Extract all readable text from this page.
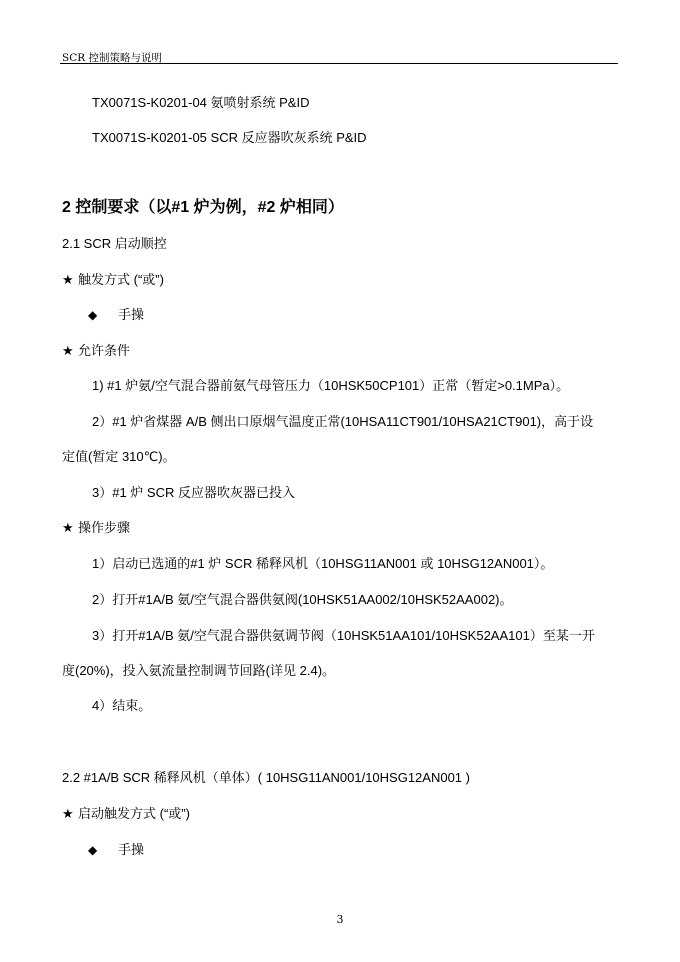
SCR 控制策略与说明
TX0071S-K0201-04 氨喷射系统 P&ID
TX0071S-K0201-05 SCR 反应器吹灰系统 P&ID
2 控制要求（以#1 炉为例，#2 炉相同）
2.1 SCR 启动顺控
★ 触发方式 (“或”)
◆ 手操
★ 允许条件
1) #1 炉氨/空气混合器前氨气母管压力（10HSK50CP101）正常（暂定>0.1MPa）。
2）#1 炉省煤器 A/B 侧出口原烟气温度正常(10HSA11CT901/10HSA21CT901)，高于设
定值(暂定 310℃)。
3）#1 炉 SCR 反应器吹灰器已投入
★ 操作步骤
1）启动已选通的#1 炉 SCR 稀释风机（10HSG11AN001 或 10HSG12AN001）。
2）打开#1A/B 氨/空气混合器供氨阀(10HSK51AA002/10HSK52AA002)。
3）打开#1A/B 氨/空气混合器供氨调节阀（10HSK51AA101/10HSK52AA101）至某一开
度(20%)，投入氨流量控制调节回路(详见 2.4)。
4）结束。
2.2 #1A/B SCR 稀释风机（单体）( 10HSG11AN001/10HSG12AN001 )
★ 启动触发方式 (“或”)
◆ 手操
3
